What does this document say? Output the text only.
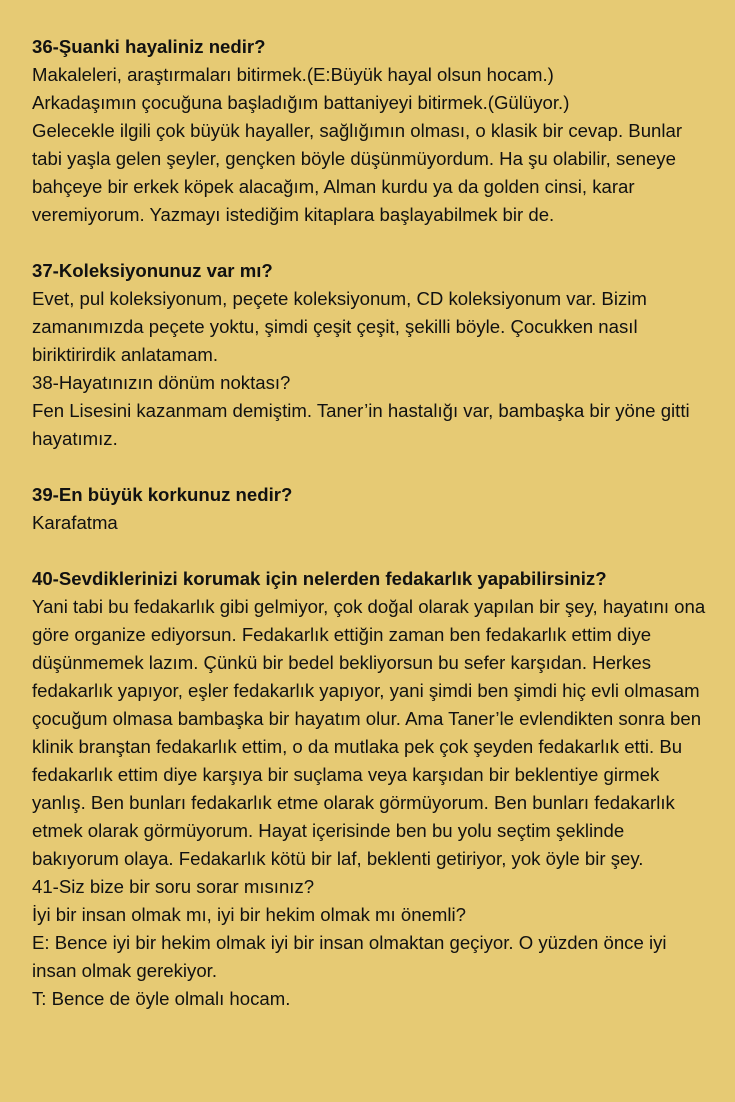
36-Şuanki hayaliniz nedir?

Makaleleri, araştırmaları bitirmek.(E:Büyük hayal olsun hocam.)

Arkadaşımın çocuğuna başladığım battaniyeyi bitirmek.(Gülüyor.)

Gelecekle ilgili çok büyük hayaller, sağlığımın olması, o klasik bir cevap. Bunlar tabi yaşla gelen şeyler, gençken böyle düşünmüyordum. Ha şu olabilir, seneye bahçeye bir erkek köpek alacağım, Alman kurdu ya da golden cinsi, karar veremiyorum. Yazmayı istediğim kitaplara başlayabilmek bir de.

37-Koleksiyonunuz var mı?

Evet, pul koleksiyonum, peçete koleksiyonum, CD koleksiyonum var. Bizim zamanımızda peçete yoktu, şimdi çeşit çeşit, şekilli böyle. Çocukken nasıl biriktirirdik anlatamam.

38-Hayatınızın dönüm noktası?

Fen Lisesini kazanmam demiştim. Taner’in hastalığı var, bambaşka bir yöne gitti hayatımız.

39-En büyük korkunuz nedir?

Karafatma

40-Sevdiklerinizi korumak için nelerden fedakarlık yapabilirsiniz?

Yani tabi bu fedakarlık gibi gelmiyor, çok doğal olarak yapılan bir şey, hayatını ona göre organize ediyorsun. Fedakarlık ettiğin zaman ben fedakarlık ettim diye düşünmemek lazım. Çünkü bir bedel bekliyorsun bu sefer karşıdan. Herkes fedakarlık yapıyor, eşler fedakarlık yapıyor, yani şimdi ben şimdi hiç evli olmasam çocuğum olmasa bambaşka bir hayatım olur. Ama Taner’le evlendikten sonra ben klinik branştan fedakarlık ettim, o da mutlaka pek çok şeyden fedakarlık etti. Bu fedakarlık ettim diye karşıya bir suçlama veya karşıdan bir beklentiye girmek yanlış. Ben bunları fedakarlık etme olarak görmüyorum. Ben bunları fedakarlık etmek olarak görmüyorum. Hayat içerisinde ben bu yolu seçtim şeklinde bakıyorum olaya. Fedakarlık kötü bir laf, beklenti getiriyor, yok öyle bir şey.

41-Siz bize bir soru sorar mısınız?

İyi bir insan olmak mı, iyi bir hekim olmak mı önemli?

E: Bence iyi bir hekim olmak iyi bir insan olmaktan geçiyor. O yüzden önce iyi insan olmak gerekiyor.

T: Bence de öyle olmalı hocam.
